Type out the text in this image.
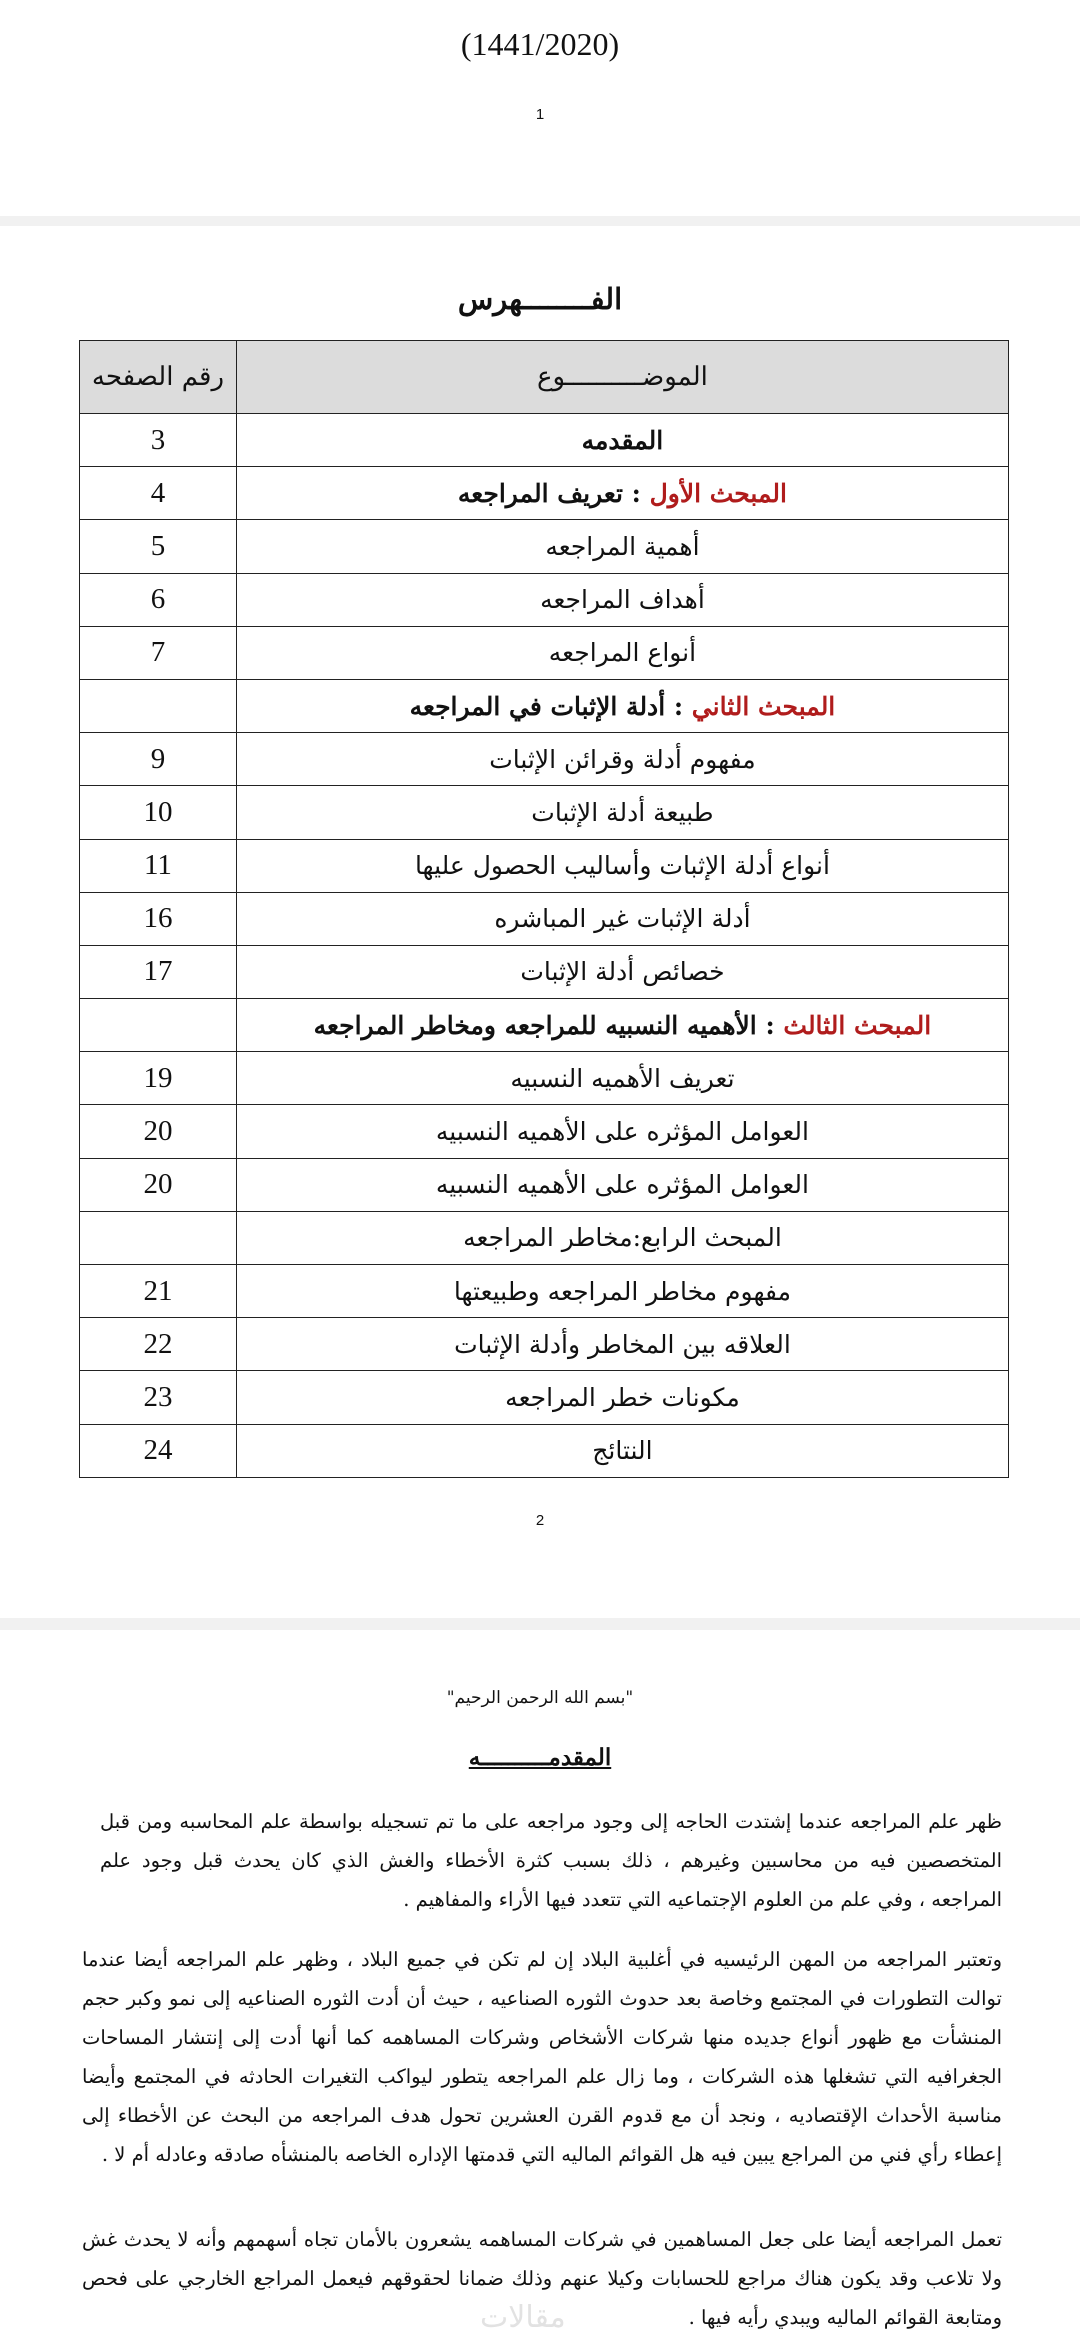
(1441/2020)
1
الفــــــــهرس
الموضــــــــــوع	رقم الصفحه
المقدمه	3
المبحث الأول : تعريف المراجعه	4
أهمية المراجعه	5
أهداف المراجعه	6
أنواع المراجعه	7
المبحث الثاني : أدلة الإثبات في المراجعه	
مفهوم أدلة وقرائن الإثبات	9
طبيعة أدلة الإثبات	10
أنواع أدلة الإثبات وأساليب الحصول عليها	11
أدلة الإثبات غير المباشره	16
خصائص أدلة الإثبات	17
المبحث الثالث : الأهميه النسبيه للمراجعه ومخاطر المراجعه	
تعريف الأهميه النسبيه	19
العوامل المؤثره على الأهميه النسبيه	20
العوامل المؤثره على الأهميه النسبيه	20
المبحث الرابع:مخاطر المراجعه	
مفهوم مخاطر المراجعه وطبيعتها	21
العلاقه بين المخاطر وأدلة الإثبات	22
مكونات خطر المراجعه	23
النتائج	24
2
"بسم الله الرحمن الرحيم"
المقدمــــــــــه
ظهر علم المراجعه عندما إشتدت الحاجه إلى وجود مراجعه على ما تم تسجيله بواسطة علم المحاسبه ومن قبل المتخصصين فيه من محاسبين وغيرهم ، ذلك بسبب كثرة الأخطاء والغش الذي كان يحدث قبل وجود علم المراجعه ، وفي علم من العلوم الإجتماعيه التي تتعدد فيها الأراء والمفاهيم .
وتعتبر المراجعه من المهن الرئيسيه في أغلبية البلاد إن لم تكن في جميع البلاد ، وظهر علم المراجعه أيضا عندما توالت التطورات في المجتمع وخاصة بعد حدوث الثوره الصناعيه ، حيث أن أدت الثوره الصناعيه إلى نمو وكبر حجم المنشأت مع ظهور أنواع جديده منها شركات الأشخاص وشركات المساهمه كما أنها أدت إلى إنتشار المساحات الجغرافيه التي تشغلها هذه الشركات ، وما زال علم المراجعه يتطور ليواكب التغيرات الحادثه في المجتمع وأيضا مناسبة الأحداث الإقتصاديه ، ونجد أن مع قدوم القرن العشرين تحول هدف المراجعه من البحث عن الأخطاء إلى إعطاء رأي فني من المراجع يبين فيه هل القوائم الماليه التي قدمتها الإداره الخاصه بالمنشأه صادقه وعادله أم لا .
تعمل المراجعه أيضا على جعل المساهمين في شركات المساهمه يشعرون بالأمان تجاه أسهمهم وأنه لا يحدث غش ولا تلاعب وقد يكون هناك مراجع للحسابات وكيلا عنهم وذلك ضمانا لحقوقهم فيعمل المراجع الخارجي على فحص ومتابعة القوائم الماليه ويبدي رأيه فيها .
مقالات
